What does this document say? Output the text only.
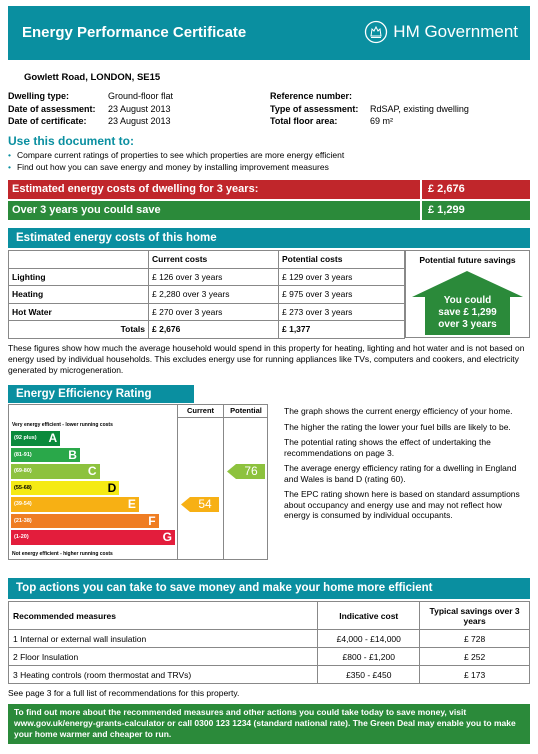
Energy Performance Certificate	HM Government
Gowlett Road, LONDON, SE15
Dwelling type:	Ground-floor flat
Date of assessment:	23 August 2013
Date of certificate:	23 August 2013
Reference number:
Type of assessment:	RdSAP, existing dwelling
Total floor area:	69 m²
Use this document to:
• Compare current ratings of properties to see which properties are more energy efficient
• Find out how you can save energy and money by installing improvement measures
Estimated energy costs of dwelling for 3 years:	£ 2,676
Over 3 years you could save	£ 1,299
Estimated energy costs of this home
	Current costs	Potential costs
Lighting	£ 126 over 3 years	£ 129 over 3 years
Heating	£ 2,280 over 3 years	£ 975 over 3 years
Hot Water	£ 270 over 3 years	£ 273 over 3 years
Totals	£ 2,676	£ 1,377
Potential future savings
You could
save £ 1,299
over 3 years
These figures show how much the average household would spend in this property for heating, lighting and hot water and is not based on energy used by individual households. This excludes energy use for running appliances like TVs, computers and cookers, and electricity generated by microgeneration.
Energy Efficiency Rating
Current	Potential
Very energy efficient - lower running costs
(92 plus) A
(81-91)	B
(69-80)	C
(55-68)	D
(39-54)	E
(21-38)	F
(1-20)	G
Not energy efficient - higher running costs
54
76

The graph shows the current energy efficiency of your home.

The higher the rating the lower your fuel bills are likely to be.

The potential rating shows the effect of undertaking the recommendations on page 3.

The average energy efficiency rating for a dwelling in England and Wales is band D (rating 60).

The EPC rating shown here is based on standard assumptions about occupancy and energy use and may not reflect how energy is consumed by individual occupants.

Top actions you can take to save money and make your home more efficient
Recommended measures	Indicative cost	Typical savings over 3 years
1 Internal or external wall insulation	£4,000 - £14,000	£ 728
2 Floor Insulation	£800 - £1,200	£ 252
3 Heating controls (room thermostat and TRVs)	£350 - £450	£ 173
See page 3 for a full list of recommendations for this property.
To find out more about the recommended measures and other actions you could take today to save money, visit www.gov.uk/energy-grants-calculator or call 0300 123 1234 (standard national rate). The Green Deal may enable you to make your home warmer and cheaper to run.
